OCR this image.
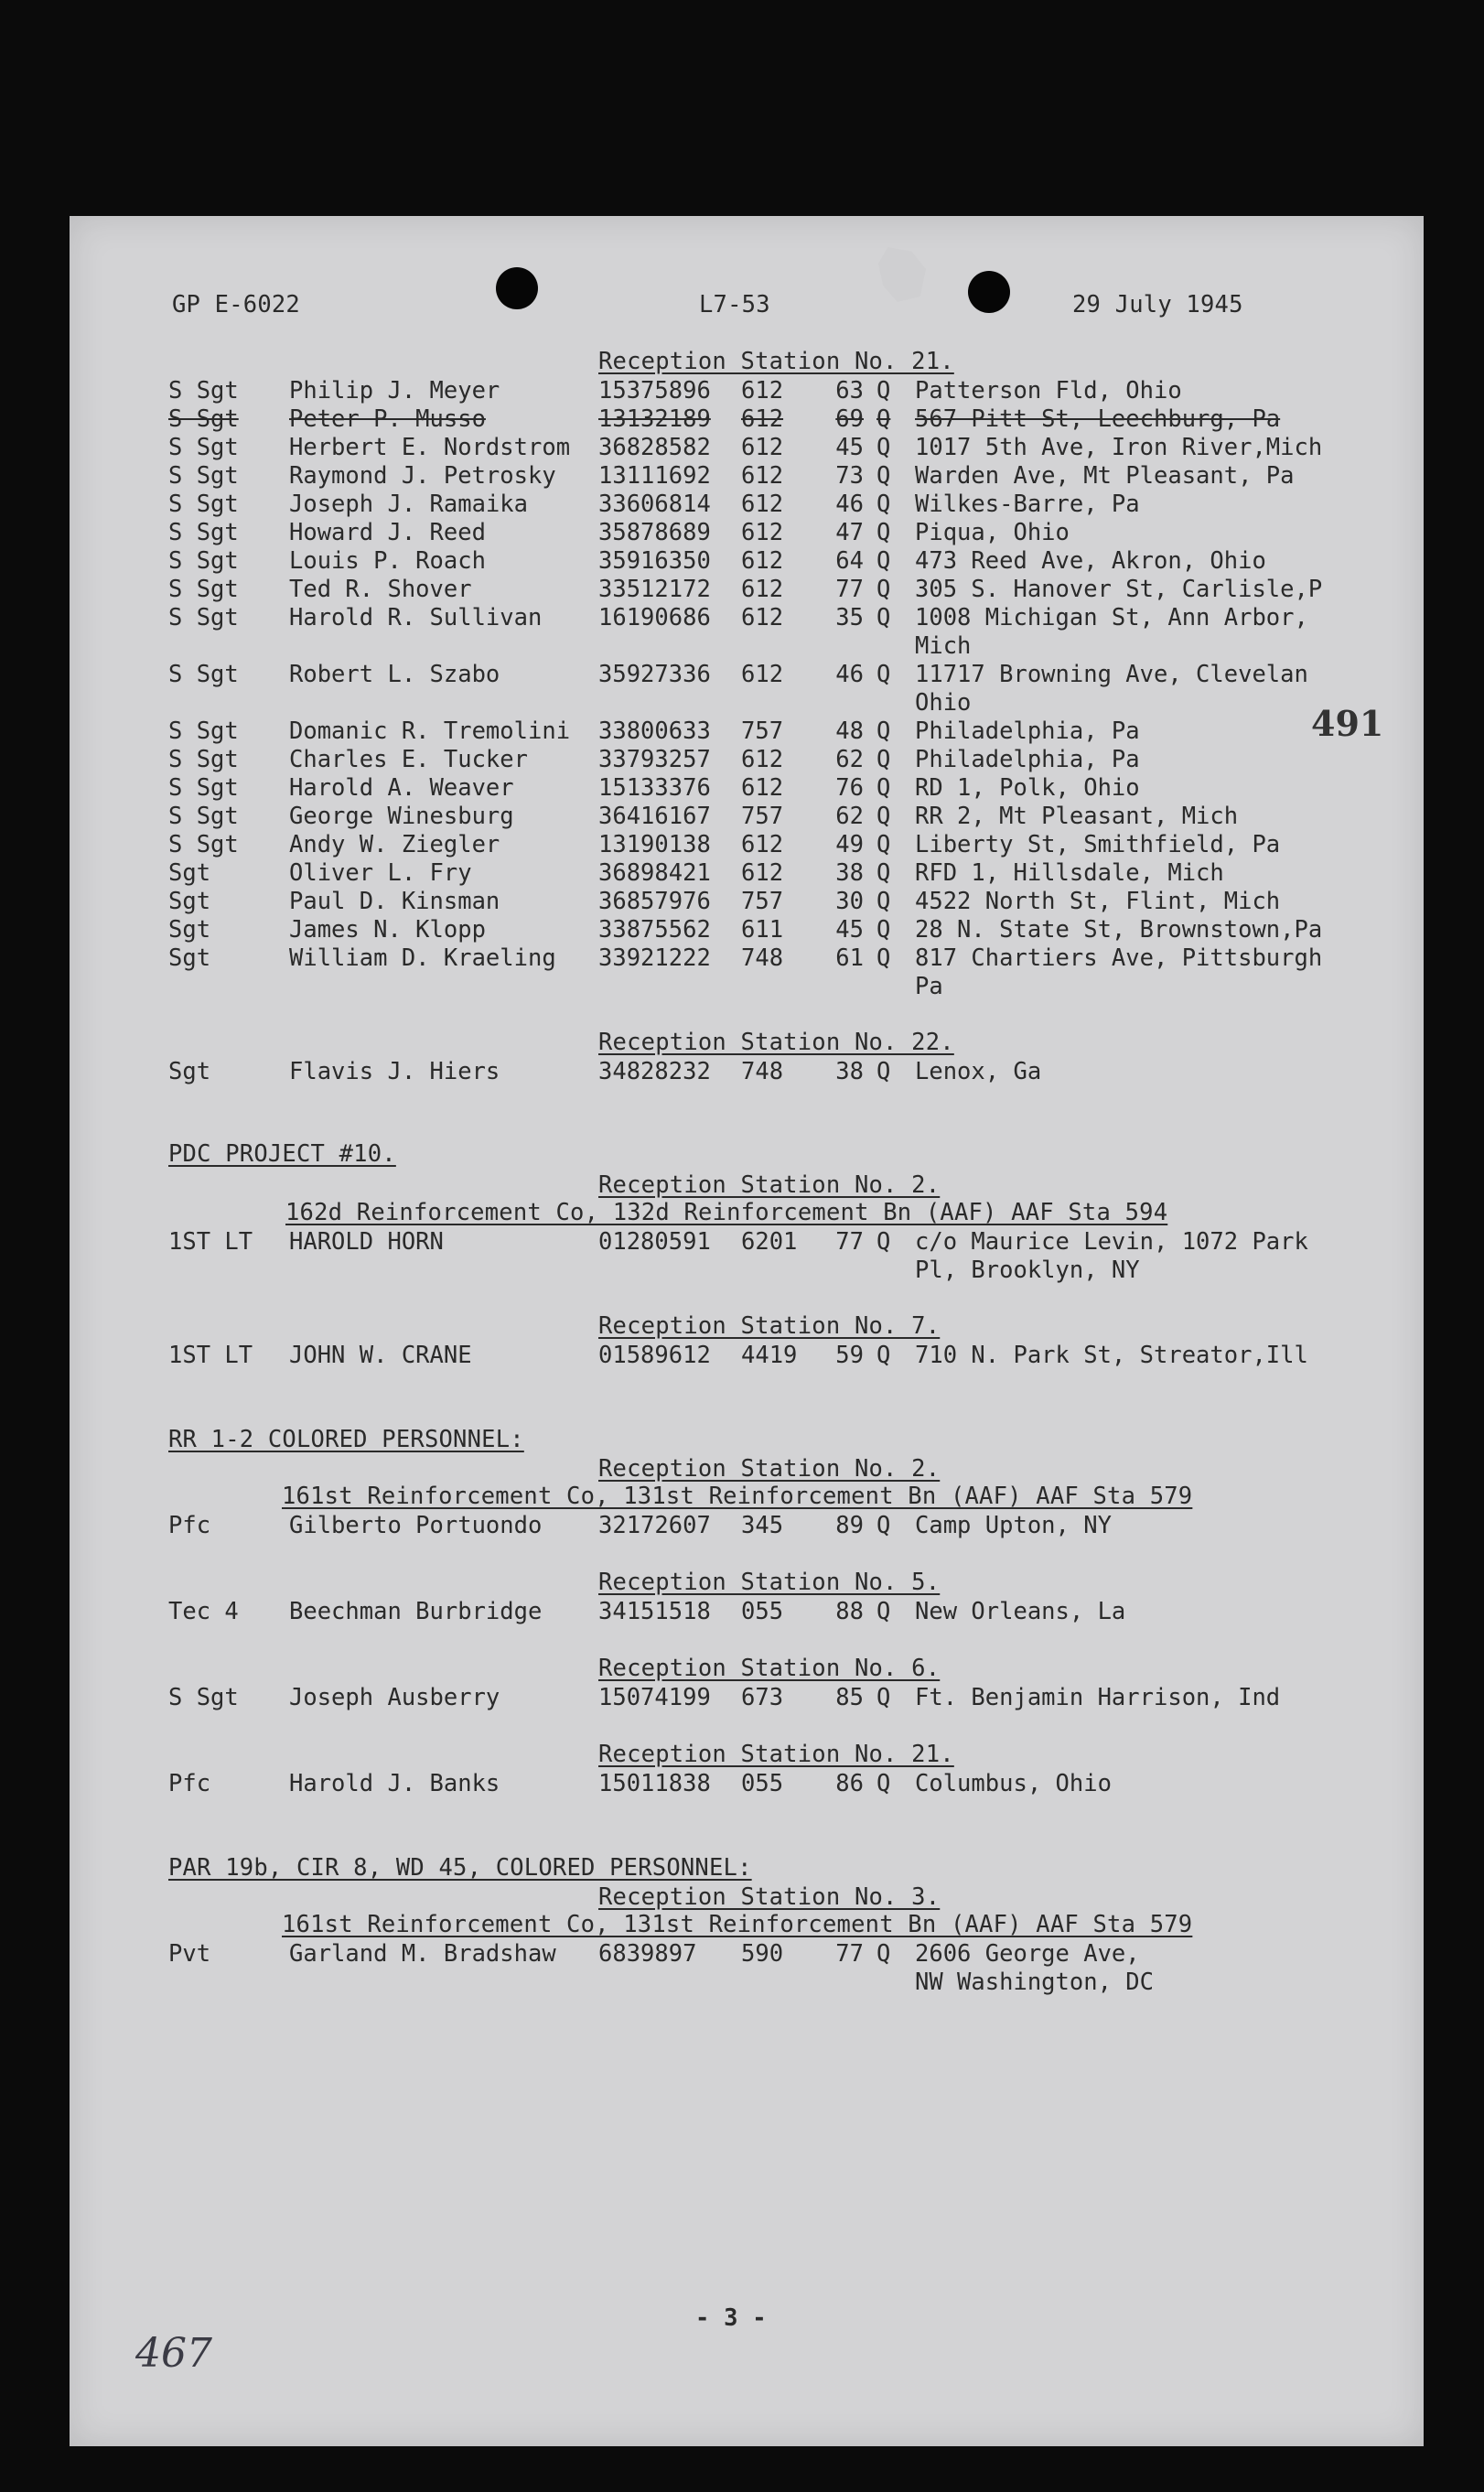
GP E-6022	L7-53	29 July 1945
491
Reception Station No. 21.
S Sgt Philip J. Meyer	15375896 612 63 Q Patterson Fld, Ohio
S Sgt Peter P. Musso	13132189 612 69 Q 567 Pitt St, Leechburg, Pa
S Sgt Herbert E. Nordstrom 36828582 612 45 Q 1017 5th Ave, Iron River,Mich
S Sgt Raymond J. Petrosky 13111692 612 73 Q Warden Ave, Mt Pleasant, Pa
S Sgt Joseph J. Ramaika	33606814 612 46 Q Wilkes-Barre, Pa
S Sgt Howard J. Reed	35878689 612 47 Q Piqua, Ohio
S Sgt Louis P. Roach	35916350 612 64 Q 473 Reed Ave, Akron, Ohio
S Sgt Ted R. Shover	33512172 612 77 Q 305 S. Hanover St, Carlisle,P
S Sgt Harold R. Sullivan 16190686 612 35 Q 1008 Michigan St, Ann Arbor,
Mich
S Sgt Robert L. Szabo	35927336 612 46 Q 11717 Browning Ave, Clevelan
Ohio
S Sgt Domanic R. Tremolini 33800633 757 48 Q Philadelphia, Pa
S Sgt Charles E. Tucker	33793257 612 62 Q Philadelphia, Pa
S Sgt Harold A. Weaver	15133376 612 76 Q RD 1, Polk, Ohio
S Sgt George Winesburg	36416167 757 62 Q RR 2, Mt Pleasant, Mich
S Sgt Andy W. Ziegler	13190138 612 49 Q Liberty St, Smithfield, Pa
Sgt	Oliver L. Fry	36898421 612 38 Q RFD 1, Hillsdale, Mich
Sgt	Paul D. Kinsman	36857976 757 30 Q 4522 North St, Flint, Mich
Sgt	James N. Klopp	33875562 611 45 Q 28 N. State St, Brownstown,Pa
Sgt	William D. Kraeling 33921222 748 61 Q 817 Chartiers Ave, Pittsburgh
Pa
Reception Station No. 22.
Sgt	Flavis J. Hiers	34828232 748 38 Q Lenox, Ga
PDC PROJECT #10.
Reception Station No. 2.
162d Reinforcement Co, 132d Reinforcement Bn (AAF) AAF Sta 594
1ST LT HAROLD HORN	01280591 6201 77 Q c/o Maurice Levin, 1072 Park
Pl, Brooklyn, NY
Reception Station No. 7.
1ST LT JOHN W. CRANE	01589612 4419 59 Q 710 N. Park St, Streator,Ill
RR 1-2 COLORED PERSONNEL:
Reception Station No. 2.
161st Reinforcement Co, 131st Reinforcement Bn (AAF) AAF Sta 579
Pfc	Gilberto Portuondo 32172607 345 89 Q Camp Upton, NY
Reception Station No. 5.
Tec 4 Beechman Burbridge 34151518 055 88 Q New Orleans, La
Reception Station No. 6.
S Sgt Joseph Ausberry	15074199 673 85 Q Ft. Benjamin Harrison, Ind
Reception Station No. 21.
Pfc	Harold J. Banks	15011838 055 86 Q Columbus, Ohio
PAR 19b, CIR 8, WD 45, COLORED PERSONNEL:
Reception Station No. 3.
161st Reinforcement Co, 131st Reinforcement Bn (AAF) AAF Sta 579
Pvt	Garland M. Bradshaw 6839897 590 77 Q 2606 George Ave,
NW Washington, DC
- 3 -
467
